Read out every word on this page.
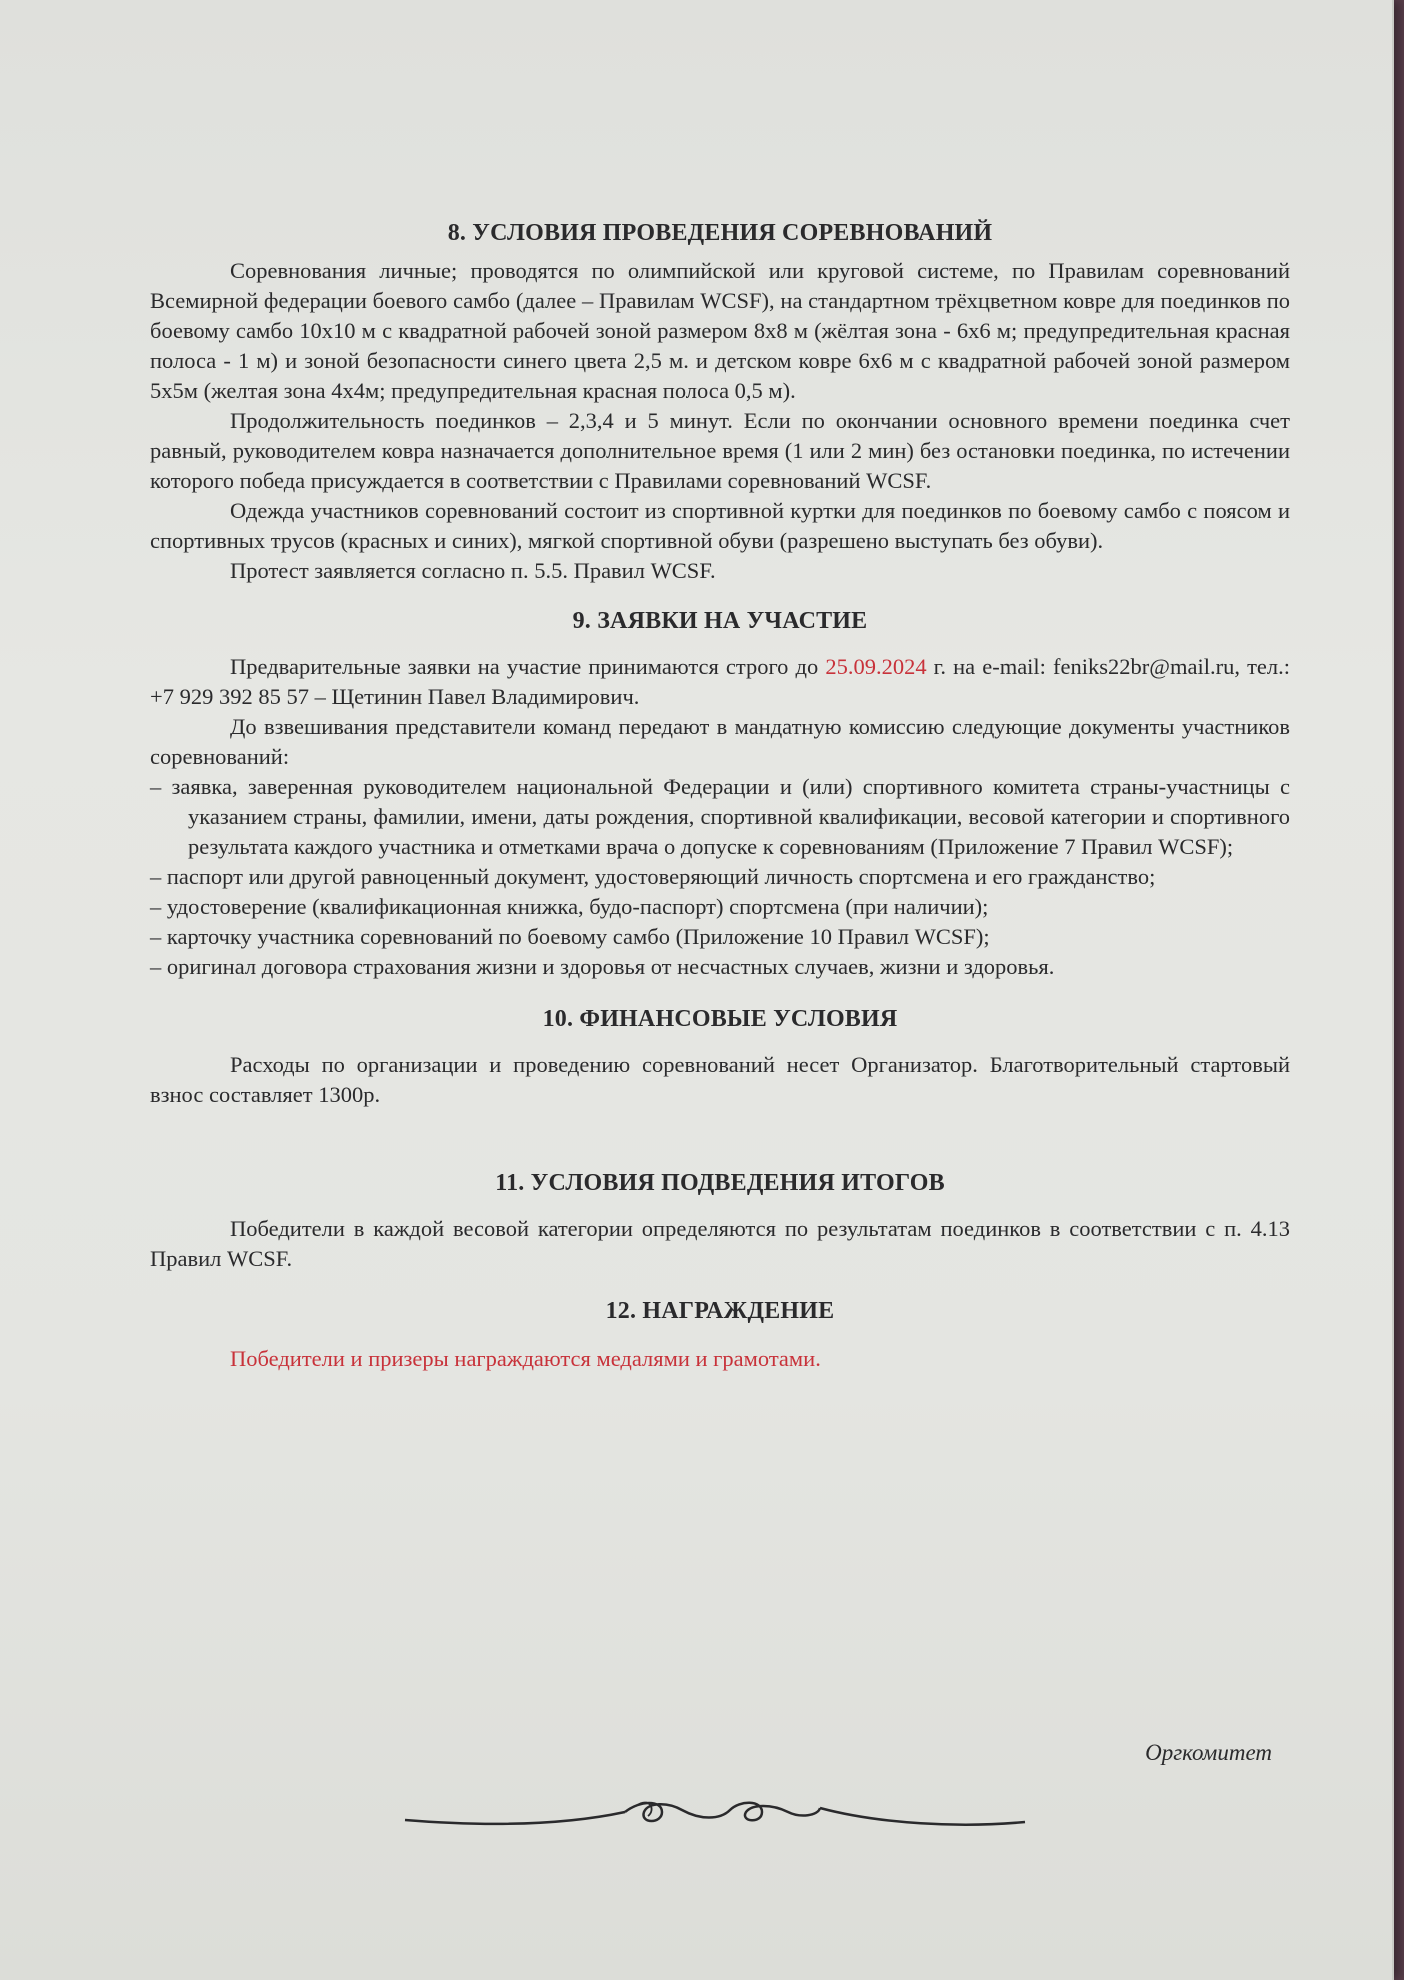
8. УСЛОВИЯ ПРОВЕДЕНИЯ СОРЕВНОВАНИЙ

Соревнования личные; проводятся по олимпийской или круговой системе, по Правилам соревнований Всемирной федерации боевого самбо (далее – Правилам WCSF), на стандартном трёхцветном ковре для поединков по боевому самбо 10х10 м с квадратной рабочей зоной размером 8х8 м (жёлтая зона - 6х6 м; предупредительная красная полоса - 1 м) и зоной безопасности синего цвета 2,5 м. и детском ковре 6х6 м с квадратной рабочей зоной размером 5х5м (желтая зона 4х4м; предупредительная красная полоса 0,5 м).

Продолжительность поединков – 2,3,4 и 5 минут. Если по окончании основного времени поединка счет равный, руководителем ковра назначается дополнительное время (1 или 2 мин) без остановки поединка, по истечении которого победа присуждается в соответствии с Правилами соревнований WCSF.

Одежда участников соревнований состоит из спортивной куртки для поединков по боевому самбо с поясом и спортивных трусов (красных и синих), мягкой спортивной обуви (разрешено выступать без обуви).

Протест заявляется согласно п. 5.5. Правил WCSF.

9. ЗАЯВКИ НА УЧАСТИЕ

Предварительные заявки на участие принимаются строго до 25.09.2024 г. на e-mail: feniks22br@mail.ru, тел.: +7 929 392 85 57 – Щетинин Павел Владимирович.

До взвешивания представители команд передают в мандатную комиссию следующие документы участников соревнований:

– заявка, заверенная руководителем национальной Федерации и (или) спортивного комитета страны-участницы с указанием страны, фамилии, имени, даты рождения, спортивной квалификации, весовой категории и спортивного результата каждого участника и отметками врача о допуске к соревнованиям (Приложение 7 Правил WCSF);

– паспорт или другой равноценный документ, удостоверяющий личность спортсмена и его гражданство;

– удостоверение (квалификационная книжка, будо-паспорт) спортсмена (при наличии);

– карточку участника соревнований по боевому самбо (Приложение 10 Правил WCSF);

– оригинал договора страхования жизни и здоровья от несчастных случаев, жизни и здоровья.

10. ФИНАНСОВЫЕ УСЛОВИЯ

Расходы по организации и проведению соревнований несет Организатор. Благотворительный стартовый взнос составляет 1300р.

11. УСЛОВИЯ ПОДВЕДЕНИЯ ИТОГОВ

Победители в каждой весовой категории определяются по результатам поединков в соответствии с п. 4.13 Правил WCSF.

12. НАГРАЖДЕНИЕ

Победители и призеры награждаются медалями и грамотами.

Оргкомитет
